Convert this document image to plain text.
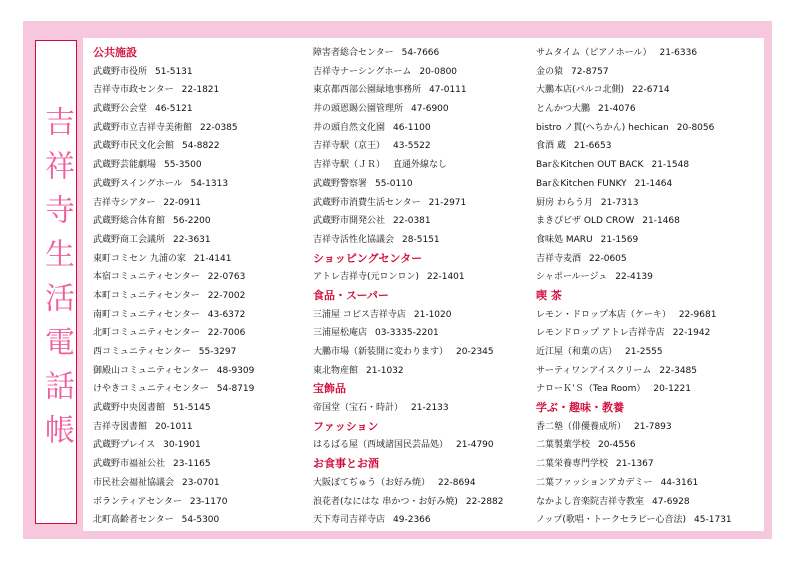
吉祥寺生活電話帳
公共施設
武蔵野市役所 51-5131
吉祥寺市政センター 22-1821
武蔵野公会堂 46-5121
武蔵野市立吉祥寺美術館 22-0385
武蔵野市民文化会館 54-8822
武蔵野芸能劇場 55-3500
武蔵野スイングホール 54-1313
吉祥寺シアター 22-0911
武蔵野総合体育館 56-2200
武蔵野商工会議所 22-3631
東町コミセン 九浦の家 21-4141
本宿コミュニティセンター 22-0763
本町コミュニティセンター 22-7002
南町コミュニティセンター 43-6372
北町コミュニティセンター 22-7006
西コミュニティセンター 55-3297
御殿山コミュニティセンター 48-9309
けやきコミュニティセンター 54-8719
武蔵野中央図書館 51-5145
吉祥寺図書館 20-1011
武蔵野プレイス 30-1901
武蔵野市福祉公社 23-1165
市民社会福祉協議会 23-0701
ボランティアセンター 23-1170
北町高齢者センター 54-5300
障害者総合センター 54-7666
吉祥寺ナーシングホーム 20-0800
東京都西部公園緑地事務所 47-0111
井の頭恩賜公園管理所 47-6900
井の頭自然文化園 46-1100
吉祥寺駅（京王） 43-5522
吉祥寺駅（ＪＲ） 直通外線なし
武蔵野警察署 55-0110
武蔵野市消費生活センター 21-2971
武蔵野市開発公社 22-0381
吉祥寺活性化協議会 28-5151
ショッピングセンター
アトレ吉祥寺(元ロンロン) 22-1401
食品・スーパー
三浦屋 コピス吉祥寺店 21-1020
三浦屋松庵店 03-3335-2201
大鵬市場（新装開に変わります） 20-2345
東北物産館 21-1032
宝飾品
帝国堂（宝石・時計） 21-2133
ファッション
はるばる屋（西域諸国民芸品処） 21-4790
お食事とお酒
大阪ぼてぢゅう（お好み焼） 22-8694
浪花者(なにはな 串かつ・お好み焼) 22-2882
天下寿司吉祥寺店 49-2366
サムタイム（ピアノホール） 21-6336
金の猿 72-8757
大鵬本店(パルコ北側) 22-6714
とんかつ大鵬 21-4076
bistro ノ貫(へちかん) hechican 20-8056
食酒 蔵 21-6653
Bar＆Kitchen OUT BACK 21-1548
Bar＆Kitchen FUNKY 21-1464
厨房 わらう月 21-7313
まきぴビザ OLD CROW 21-1468
食味処 MARU 21-1569
吉祥寺麦酒 22-0605
シャポールージュ 22-4139
喫 茶
レモン・ドロップ本店（ケーキ） 22-9681
レモンドロップ アトレ吉祥寺店 22-1942
近江屋（和菓の店） 21-2555
サーティワンアイスクリーム 22-3485
ナローＫ’Ｓ（Tea Room） 20-1221
学ぶ・趣味・教養
香二塾（俳優養成所） 21-7893
二葉製菓学校 20-4556
二葉栄養専門学校 21-1367
二葉ファッションアカデミー 44-3161
なかよし音楽院吉祥寺教室 47-6928
ノップ(歌唱・トークセラピー心音法) 45-1731
